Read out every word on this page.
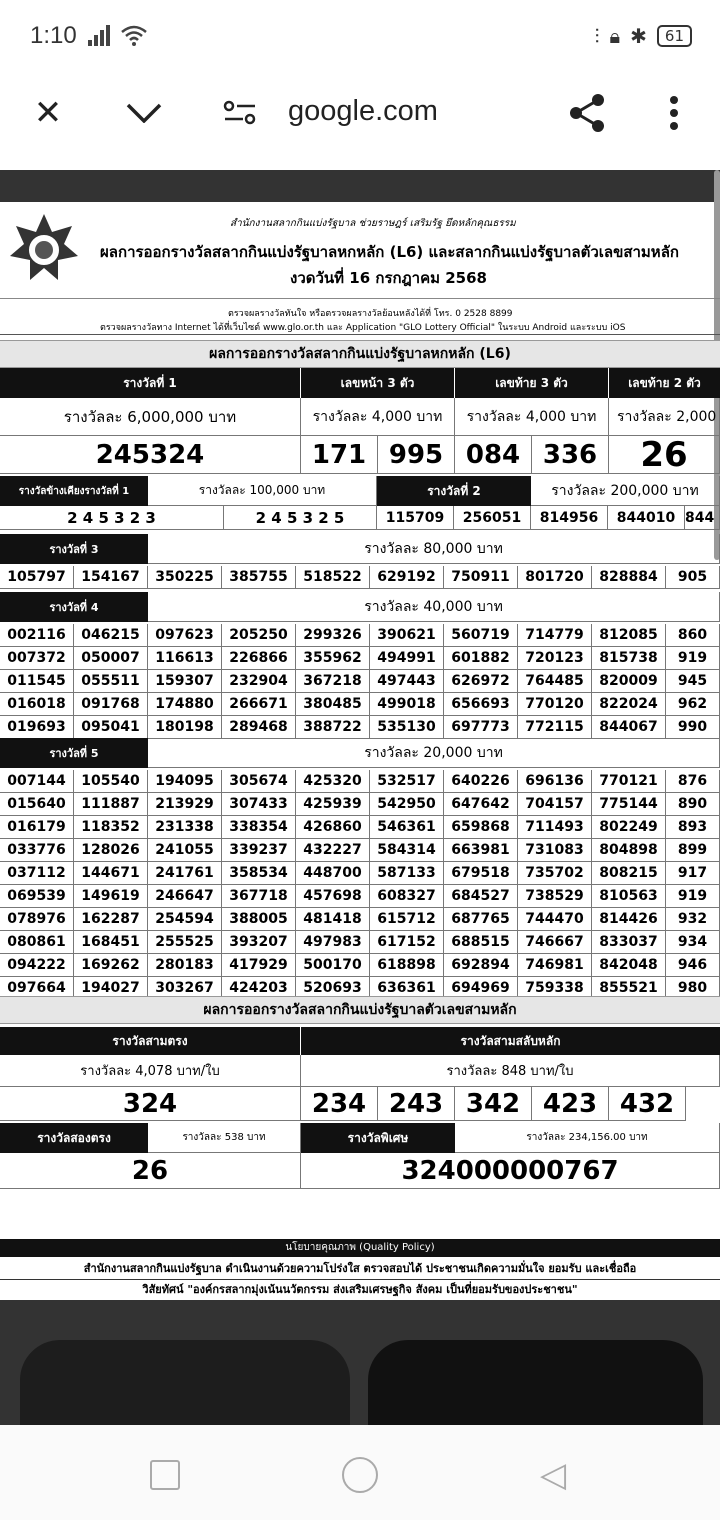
1:10	⫶ 🔒︎ ✱	61
✕	google.com
สำนักงานสลากกินแบ่งรัฐบาล ช่วยราษฎร์ เสริมรัฐ ยึดหลักคุณธรรม
ผลการออกรางวัลสลากกินแบ่งรัฐบาลหกหลัก (L6) และสลากกินแบ่งรัฐบาลตัวเลขสามหลัก
งวดวันที่ 16 กรกฎาคม 2568
ตรวจผลรางวัลทันใจ หรือตรวจผลรางวัลย้อนหลังได้ที่ โทร. 0 2528 8899
ตรวจผลรางวัลทาง Internet ได้ที่เว็บไซต์ www.glo.or.th และ Application "GLO Lottery Official" ในระบบ Android และระบบ iOS
ผลการออกรางวัลสลากกินแบ่งรัฐบาลหกหลัก (L6)
รางวัลที่ 1	เลขหน้า 3 ตัว	เลขท้าย 3 ตัว	เลขท้าย 2 ตัว
รางวัลละ 6,000,000 บาท	รางวัลละ 4,000 บาท	รางวัลละ 4,000 บาท	รางวัลละ 2,000
245324	171 995 084 336	26
รางวัลข้างเคียงรางวัลที่ 1	รางวัลละ 100,000 บาท	รางวัลที่ 2	รางวัลละ 200,000 บาท
2 4 5 3 2 3	2 4 5 3 2 5	115709	256051	814956	844010 844
รางวัลที่ 3	รางวัลละ 80,000 บาท
105797	154167	350225	385755	518522	629192	750911	801720	828884	905
รางวัลที่ 4	รางวัลละ 40,000 บาท
002116	046215	097623	205250	299326	390621	560719	714779	812085	860
007372	050007	116613	226866	355962	494991	601882	720123	815738	919
011545	055511	159307	232904	367218	497443	626972	764485	820009	945
016018	091768	174880	266671	380485	499018	656693	770120	822024	962
019693	095041	180198	289468	388722	535130	697773	772115	844067	990
รางวัลที่ 5	รางวัลละ 20,000 บาท
007144	105540	194095	305674	425320	532517	640226	696136	770121	876
015640	111887	213929	307433	425939	542950	647642	704157	775144	890
016179	118352	231338	338354	426860	546361	659868	711493	802249	893
033776	128026	241055	339237	432227	584314	663981	731083	804898	899
037112	144671	241761	358534	448700	587133	679518	735702	808215	917
069539	149619	246647	367718	457698	608327	684527	738529	810563	919
078976	162287	254594	388005	481418	615712	687765	744470	814426	932
080861	168451	255525	393207	497983	617152	688515	746667	833037	934
094222	169262	280183	417929	500170	618898	692894	746981	842048	946
097664	194027	303267	424203	520693	636361	694969	759338	855521	980
ผลการออกรางวัลสลากกินแบ่งรัฐบาลตัวเลขสามหลัก
รางวัลสามตรง	รางวัลสามสลับหลัก
รางวัลละ 4,078 บาท/ใบ	รางวัลละ 848 บาท/ใบ
324	234 243 342 423 432
รางวัลสองตรง	รางวัลละ 538 บาท	รางวัลพิเศษ	รางวัลละ 234,156.00 บาท
26	324000000767
นโยบายคุณภาพ (Quality Policy)
สำนักงานสลากกินแบ่งรัฐบาล ดำเนินงานด้วยความโปร่งใส ตรวจสอบได้ ประชาชนเกิดความมั่นใจ ยอมรับ และเชื่อถือ
วิสัยทัศน์ "องค์กรสลากมุ่งเน้นนวัตกรรม ส่งเสริมเศรษฐกิจ สังคม เป็นที่ยอมรับของประชาชน"
◁
